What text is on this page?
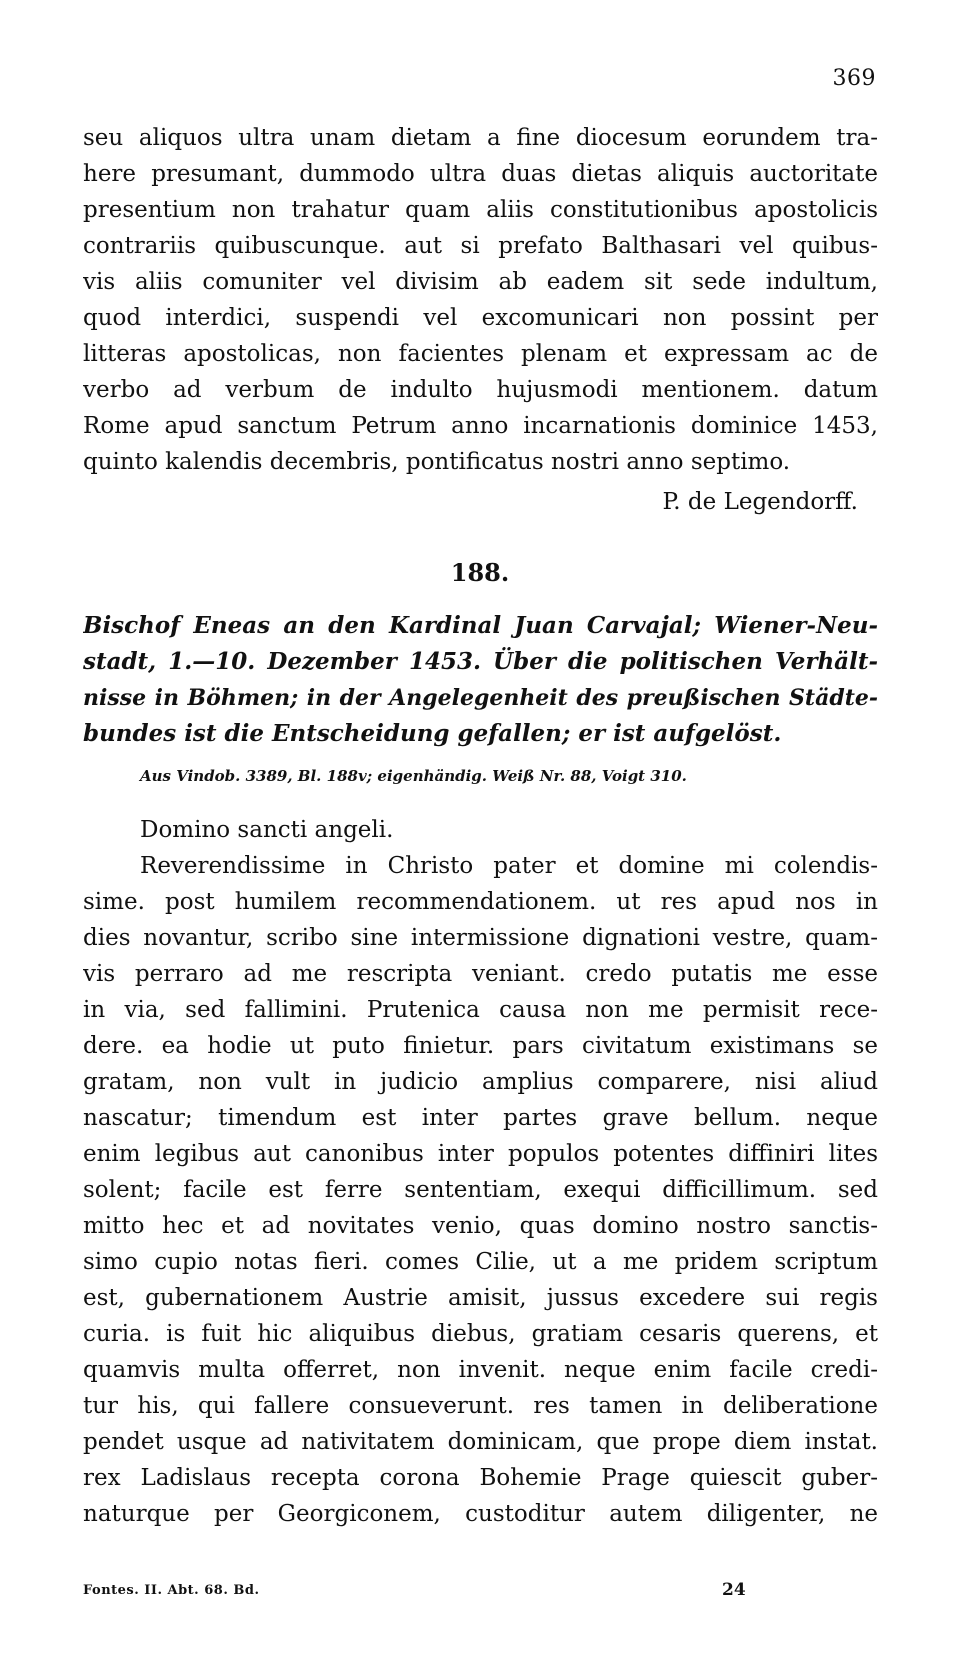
369
seu aliquos ultra unam dietam a fine diocesum eorundem tra-
here presumant, dummodo ultra duas dietas aliquis auctoritate
presentium non trahatur quam aliis constitutionibus apostolicis
contrariis quibuscunque. aut si prefato Balthasari vel quibus-
vis aliis comuniter vel divisim ab eadem sit sede indultum,
quod interdici, suspendi vel excomunicari non possint per
litteras apostolicas, non facientes plenam et expressam ac de
verbo ad verbum de indulto hujusmodi mentionem. datum
Rome apud sanctum Petrum anno incarnationis dominice 1453,
quinto kalendis decembris, pontificatus nostri anno septimo.
P. de Legendorff.
188.
Bischof Eneas an den Kardinal Juan Carvajal; Wiener-Neu-
stadt, 1.—10. Dezember 1453. Über die politischen Verhält-
nisse in Böhmen; in der Angelegenheit des preußischen Städte-
bundes ist die Entscheidung gefallen; er ist aufgelöst.
Aus Vindob. 3389, Bl. 188v; eigenhändig. Weiß Nr. 88, Voigt 310.
Domino sancti angeli.
Reverendissime in Christo pater et domine mi colendis-
sime. post humilem recommendationem. ut res apud nos in
dies novantur, scribo sine intermissione dignationi vestre, quam-
vis perraro ad me rescripta veniant. credo putatis me esse
in via, sed fallimini. Prutenica causa non me permisit rece-
dere. ea hodie ut puto finietur. pars civitatum existimans se
gratam, non vult in judicio amplius comparere, nisi aliud
nascatur; timendum est inter partes grave bellum. neque
enim legibus aut canonibus inter populos potentes diffiniri lites
solent; facile est ferre sententiam, exequi difficillimum. sed
mitto hec et ad novitates venio, quas domino nostro sanctis-
simo cupio notas fieri. comes Cilie, ut a me pridem scriptum
est, gubernationem Austrie amisit, jussus excedere sui regis
curia. is fuit hic aliquibus diebus, gratiam cesaris querens, et
quamvis multa offerret, non invenit. neque enim facile credi-
tur his, qui fallere consueverunt. res tamen in deliberatione
pendet usque ad nativitatem dominicam, que prope diem instat.
rex Ladislaus recepta corona Bohemie Prage quiescit guber-
naturque per Georgiconem, custoditur autem diligenter, ne
Fontes. II. Abt. 68. Bd.	24
